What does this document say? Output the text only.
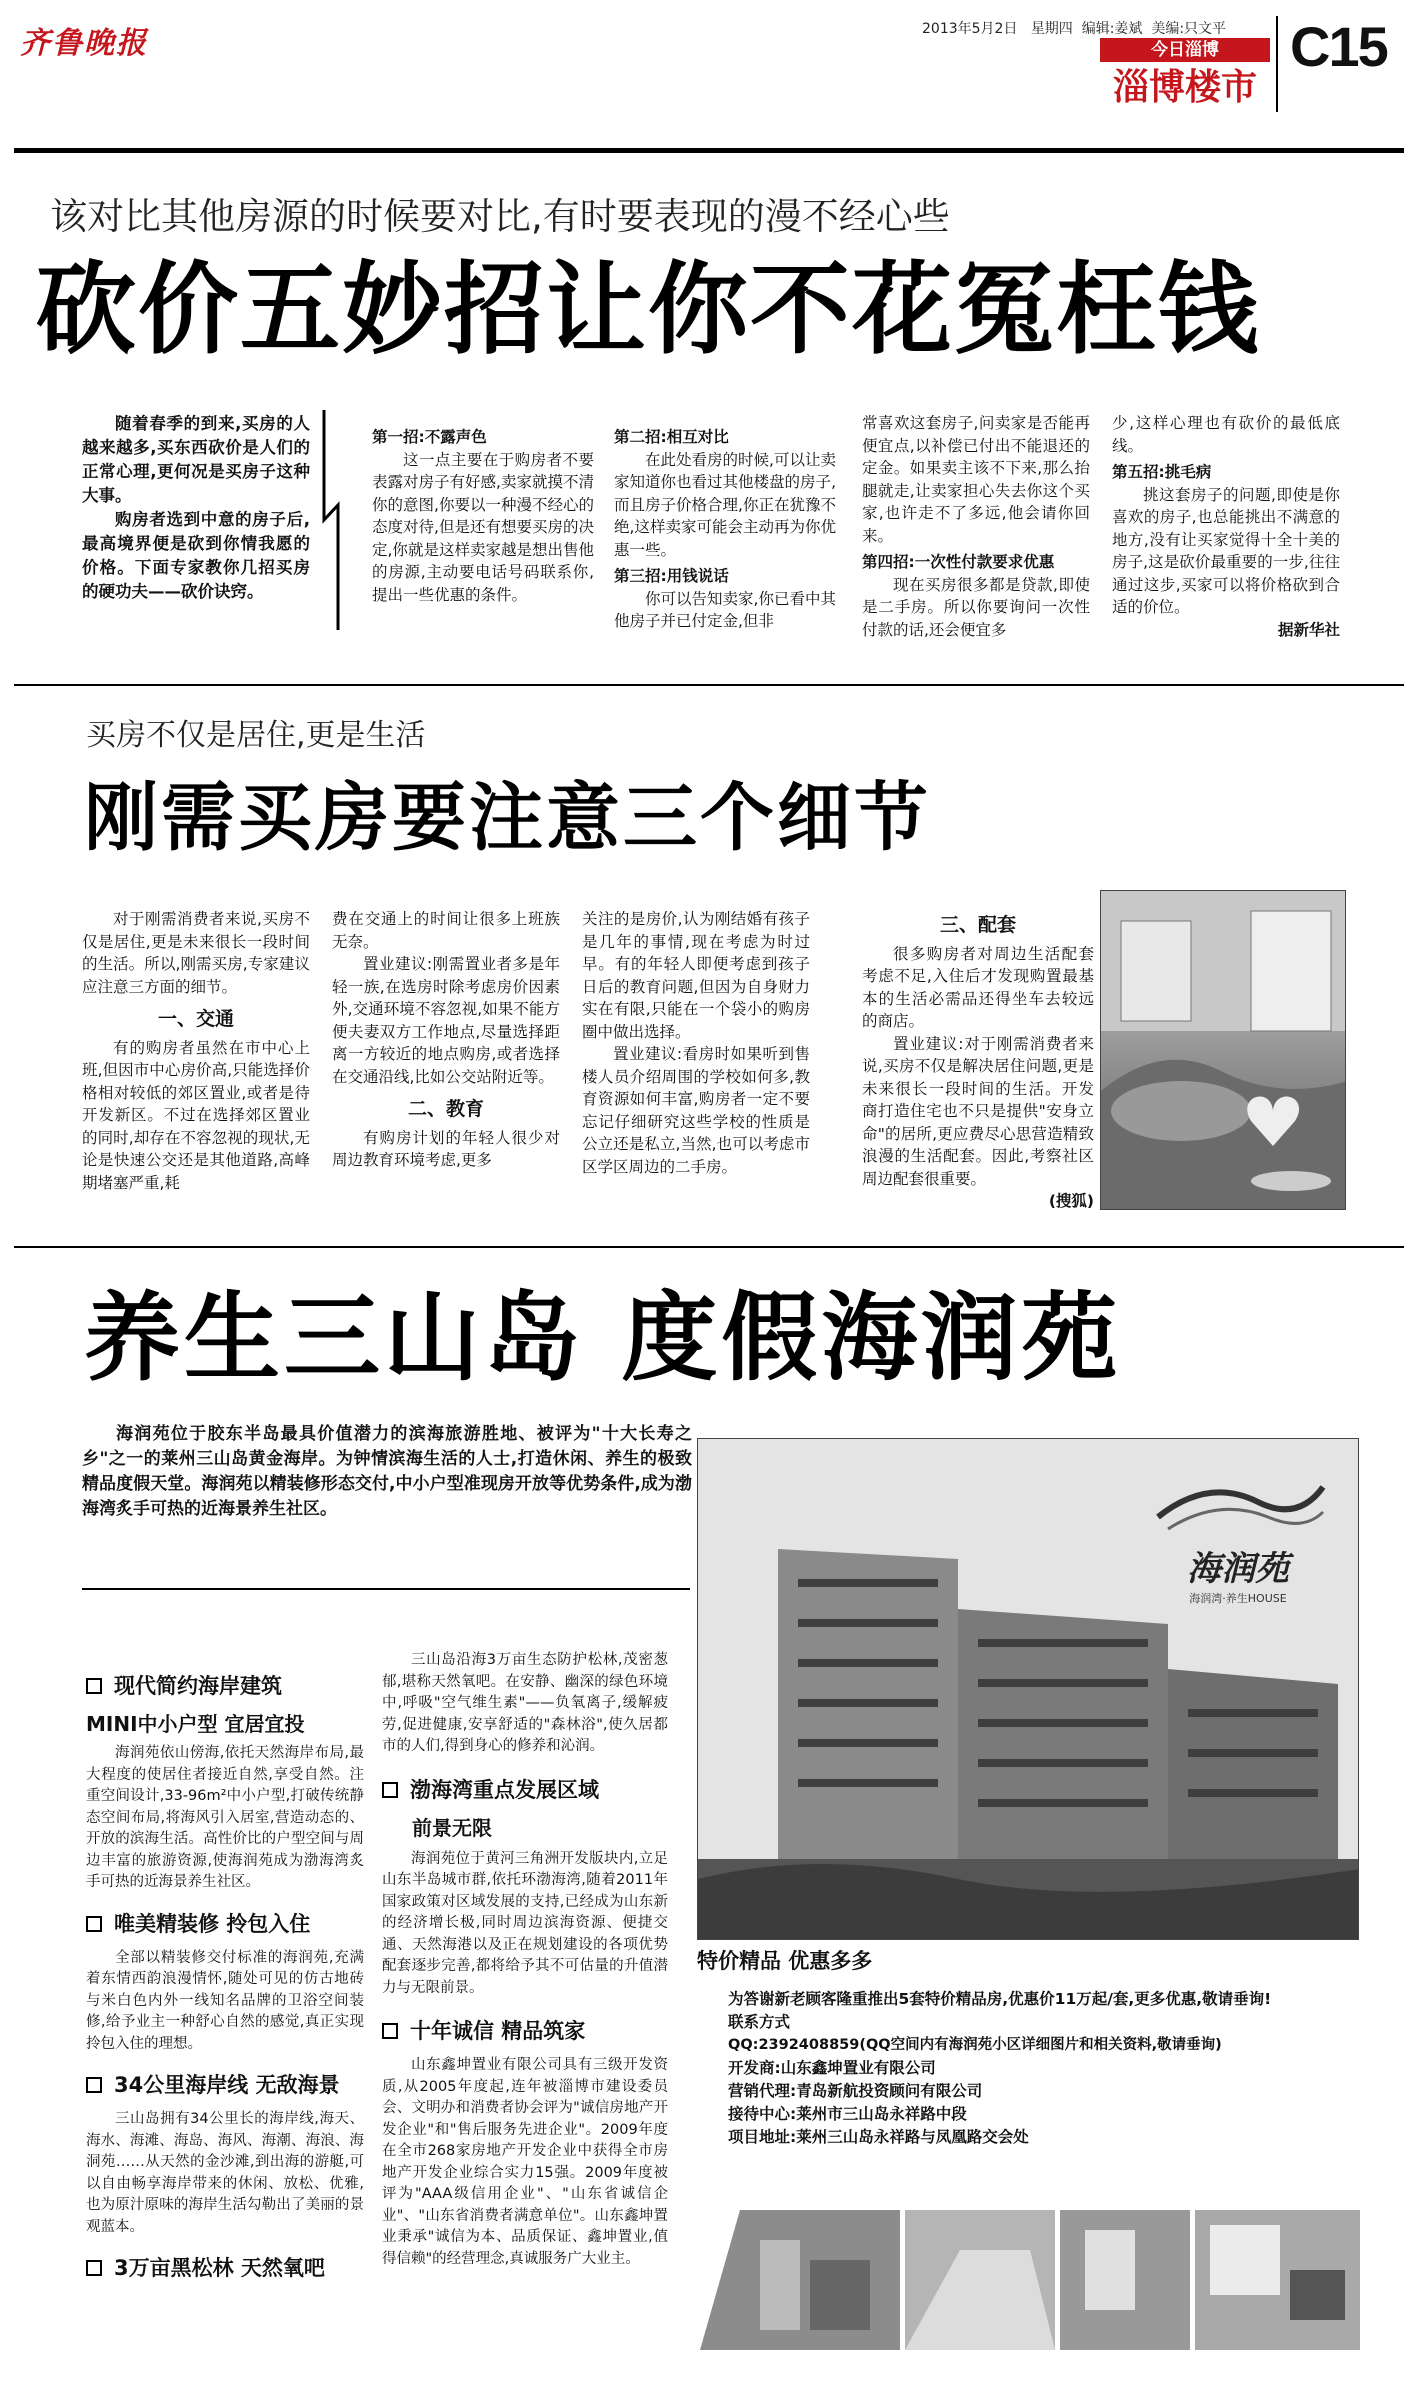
齐鲁晚报	2013年5月2日 星期四 编辑:姜斌 美编:只文平
今日淄博
淄博楼市
C15
该对比其他房源的时候要对比,有时要表现的漫不经心些
砍价五妙招让你不花冤枉钱

随着春季的到来,买房的人越来越多,买东西砍价是人们的正常心理,更何况是买房子这种大事。

购房者选到中意的房子后,最高境界便是砍到你情我愿的价格。下面专家教你几招买房的硬功夫——砍价诀窍。

第一招:不露声色

这一点主要在于购房者不要表露对房子有好感,卖家就摸不清你的意图,你要以一种漫不经心的态度对待,但是还有想要买房的决定,你就是这样卖家越是想出售他的房源,主动要电话号码联系你,提出一些优惠的条件。

第二招:相互对比

在此处看房的时候,可以让卖家知道你也看过其他楼盘的房子,而且房子价格合理,你正在犹豫不绝,这样卖家可能会主动再为你优惠一些。

第三招:用钱说话

你可以告知卖家,你已看中其他房子并已付定金,但非

常喜欢这套房子,问卖家是否能再便宜点,以补偿已付出不能退还的定金。如果卖主该不下来,那么抬腿就走,让卖家担心失去你这个买家,也许走不了多远,他会请你回来。

第四招:一次性付款要求优惠

现在买房很多都是贷款,即使是二手房。所以你要询问一次性付款的话,还会便宜多

少,这样心理也有砍价的最低底线。

第五招:挑毛病

挑这套房子的问题,即使是你喜欢的房子,也总能挑出不满意的地方,没有让买家觉得十全十美的房子,这是砍价最重要的一步,往往通过这步,买家可以将价格砍到合适的价位。

据新华社

买房不仅是居住,更是生活
刚需买房要注意三个细节

对于刚需消费者来说,买房不仅是居住,更是未来很长一段时间的生活。所以,刚需买房,专家建议应注意三方面的细节。

一、交通

有的购房者虽然在市中心上班,但因市中心房价高,只能选择价格相对较低的郊区置业,或者是待开发新区。不过在选择郊区置业的同时,却存在不容忽视的现状,无论是快速公交还是其他道路,高峰期堵塞严重,耗

费在交通上的时间让很多上班族无奈。

置业建议:刚需置业者多是年轻一族,在选房时除考虑房价因素外,交通环境不容忽视,如果不能方便夫妻双方工作地点,尽量选择距离一方较近的地点购房,或者选择在交通沿线,比如公交站附近等。

二、教育

有购房计划的年轻人很少对周边教育环境考虑,更多

关注的是房价,认为刚结婚有孩子是几年的事情,现在考虑为时过早。有的年轻人即便考虑到孩子日后的教育问题,但因为自身财力实在有限,只能在一个袋小的购房圈中做出选择。

置业建议:看房时如果听到售楼人员介绍周围的学校如何多,教育资源如何丰富,购房者一定不要忘记仔细研究这些学校的性质是公立还是私立,当然,也可以考虑市区学区周边的二手房。

三、配套

很多购房者对周边生活配套考虑不足,入住后才发现购置最基本的生活必需品还得坐车去较远的商店。

置业建议:对于刚需消费者来说,买房不仅是解决居住问题,更是未来很长一段时间的生活。开发商打造住宅也不只是提供"安身立命"的居所,更应费尽心思营造精致浪漫的生活配套。因此,考察社区周边配套很重要。

(搜狐)

养生三山岛 度假海润苑

海润苑位于胶东半岛最具价值潜力的滨海旅游胜地、被评为"十大长寿之乡"之一的莱州三山岛黄金海岸。为钟情滨海生活的人士,打造休闲、养生的极致精品度假天堂。海润苑以精装修形态交付,中小户型准现房开放等优势条件,成为渤海湾炙手可热的近海景养生社区。

海润苑
海润湾·养生HOUSE
现代简约海岸建筑
MINI中小户型 宜居宜投

海润苑依山傍海,依托天然海岸布局,最大程度的使居住者接近自然,享受自然。注重空间设计,33-96m²中小户型,打破传统静态空间布局,将海风引入居室,营造动态的、开放的滨海生活。高性价比的户型空间与周边丰富的旅游资源,使海润苑成为渤海湾炙手可热的近海景养生社区。

唯美精装修 拎包入住

全部以精装修交付标准的海润苑,充满着东情西韵浪漫情怀,随处可见的仿古地砖与米白色内外一线知名品牌的卫浴空间装修,给予业主一种舒心自然的感觉,真正实现拎包入住的理想。

34公里海岸线 无敌海景

三山岛拥有34公里长的海岸线,海天、海水、海滩、海岛、海风、海潮、海浪、海洞苑……从天然的金沙滩,到出海的游艇,可以自由畅享海岸带来的休闲、放松、优雅,也为原汁原味的海岸生活勾勒出了美丽的景观蓝本。

3万亩黑松林 天然氧吧

三山岛沿海3万亩生态防护松林,茂密葱郁,堪称天然氧吧。在安静、幽深的绿色环境中,呼吸"空气维生素"——负氧离子,缓解疲劳,促进健康,安享舒适的"森林浴",使久居都市的人们,得到身心的修养和沁润。

渤海湾重点发展区域
前景无限

海润苑位于黄河三角洲开发版块内,立足山东半岛城市群,依托环渤海湾,随着2011年国家政策对区域发展的支持,已经成为山东新的经济增长极,同时周边滨海资源、便捷交通、天然海港以及正在规划建设的各项优势配套逐步完善,都将给予其不可估量的升值潜力与无限前景。

十年诚信 精品筑家

山东鑫坤置业有限公司具有三级开发资质,从2005年度起,连年被淄博市建设委员会、文明办和消费者协会评为"诚信房地产开发企业"和"售后服务先进企业"。2009年度在全市268家房地产开发企业中获得全市房地产开发企业综合实力15强。2009年度被评为"AAA级信用企业"、"山东省诚信企业"、"山东省消费者满意单位"。山东鑫坤置业秉承"诚信为本、品质保证、鑫坤置业,值得信赖"的经营理念,真诚服务广大业主。

特价精品 优惠多多
为答谢新老顾客隆重推出5套特价精品房,优惠价11万起/套,更多优惠,敬请垂询!
联系方式
QQ:2392408859(QQ空间内有海润苑小区详细图片和相关资料,敬请垂询)
开发商:山东鑫坤置业有限公司
营销代理:青岛新航投资顾问有限公司
接待中心:莱州市三山岛永祥路中段
项目地址:莱州三山岛永祥路与凤凰路交会处
